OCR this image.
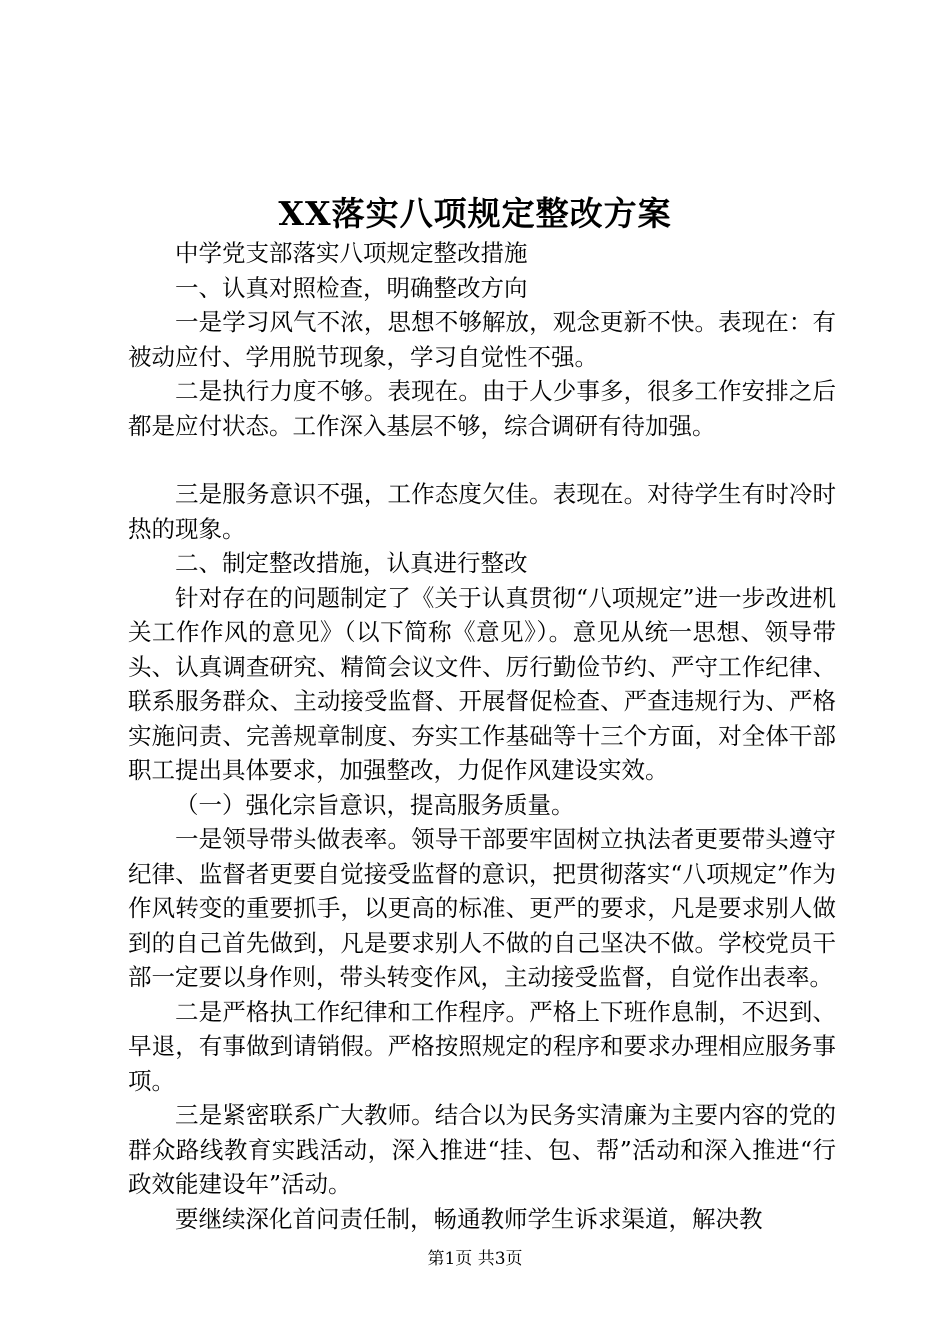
XX落实八项规定整改方案

中学党支部落实八项规定整改措施

一、认真对照检查，明确整改方向

一是学习风气不浓，思想不够解放，观念更新不快。表现在：有被动应付、学用脱节现象，学习自觉性不强。

二是执行力度不够。表现在。由于人少事多，很多工作安排之后都是应付状态。工作深入基层不够，综合调研有待加强。

三是服务意识不强，工作态度欠佳。表现在。对待学生有时冷时热的现象。

二、制定整改措施，认真进行整改

针对存在的问题制定了《关于认真贯彻“八项规定”进一步改进机关工作作风的意见》（以下简称《意见》）。意见从统一思想、领导带头、认真调查研究、精简会议文件、厉行勤俭节约、严守工作纪律、联系服务群众、主动接受监督、开展督促检查、严查违规行为、严格实施问责、完善规章制度、夯实工作基础等十三个方面，对全体干部职工提出具体要求，加强整改，力促作风建设实效。

（一）强化宗旨意识，提高服务质量。

一是领导带头做表率。领导干部要牢固树立执法者更要带头遵守纪律、监督者更要自觉接受监督的意识，把贯彻落实“八项规定”作为作风转变的重要抓手，以更高的标准、更严的要求，凡是要求别人做到的自己首先做到，凡是要求别人不做的自己坚决不做。学校党员干部一定要以身作则，带头转变作风，主动接受监督，自觉作出表率。

二是严格执工作纪律和工作程序。严格上下班作息制，不迟到、早退，有事做到请销假。严格按照规定的程序和要求办理相应服务事项。

三是紧密联系广大教师。结合以为民务实清廉为主要内容的党的群众路线教育实践活动，深入推进“挂、包、帮”活动和深入推进“行政效能建设年”活动。

要继续深化首问责任制，畅通教师学生诉求渠道，解决教

第1页 共3页
